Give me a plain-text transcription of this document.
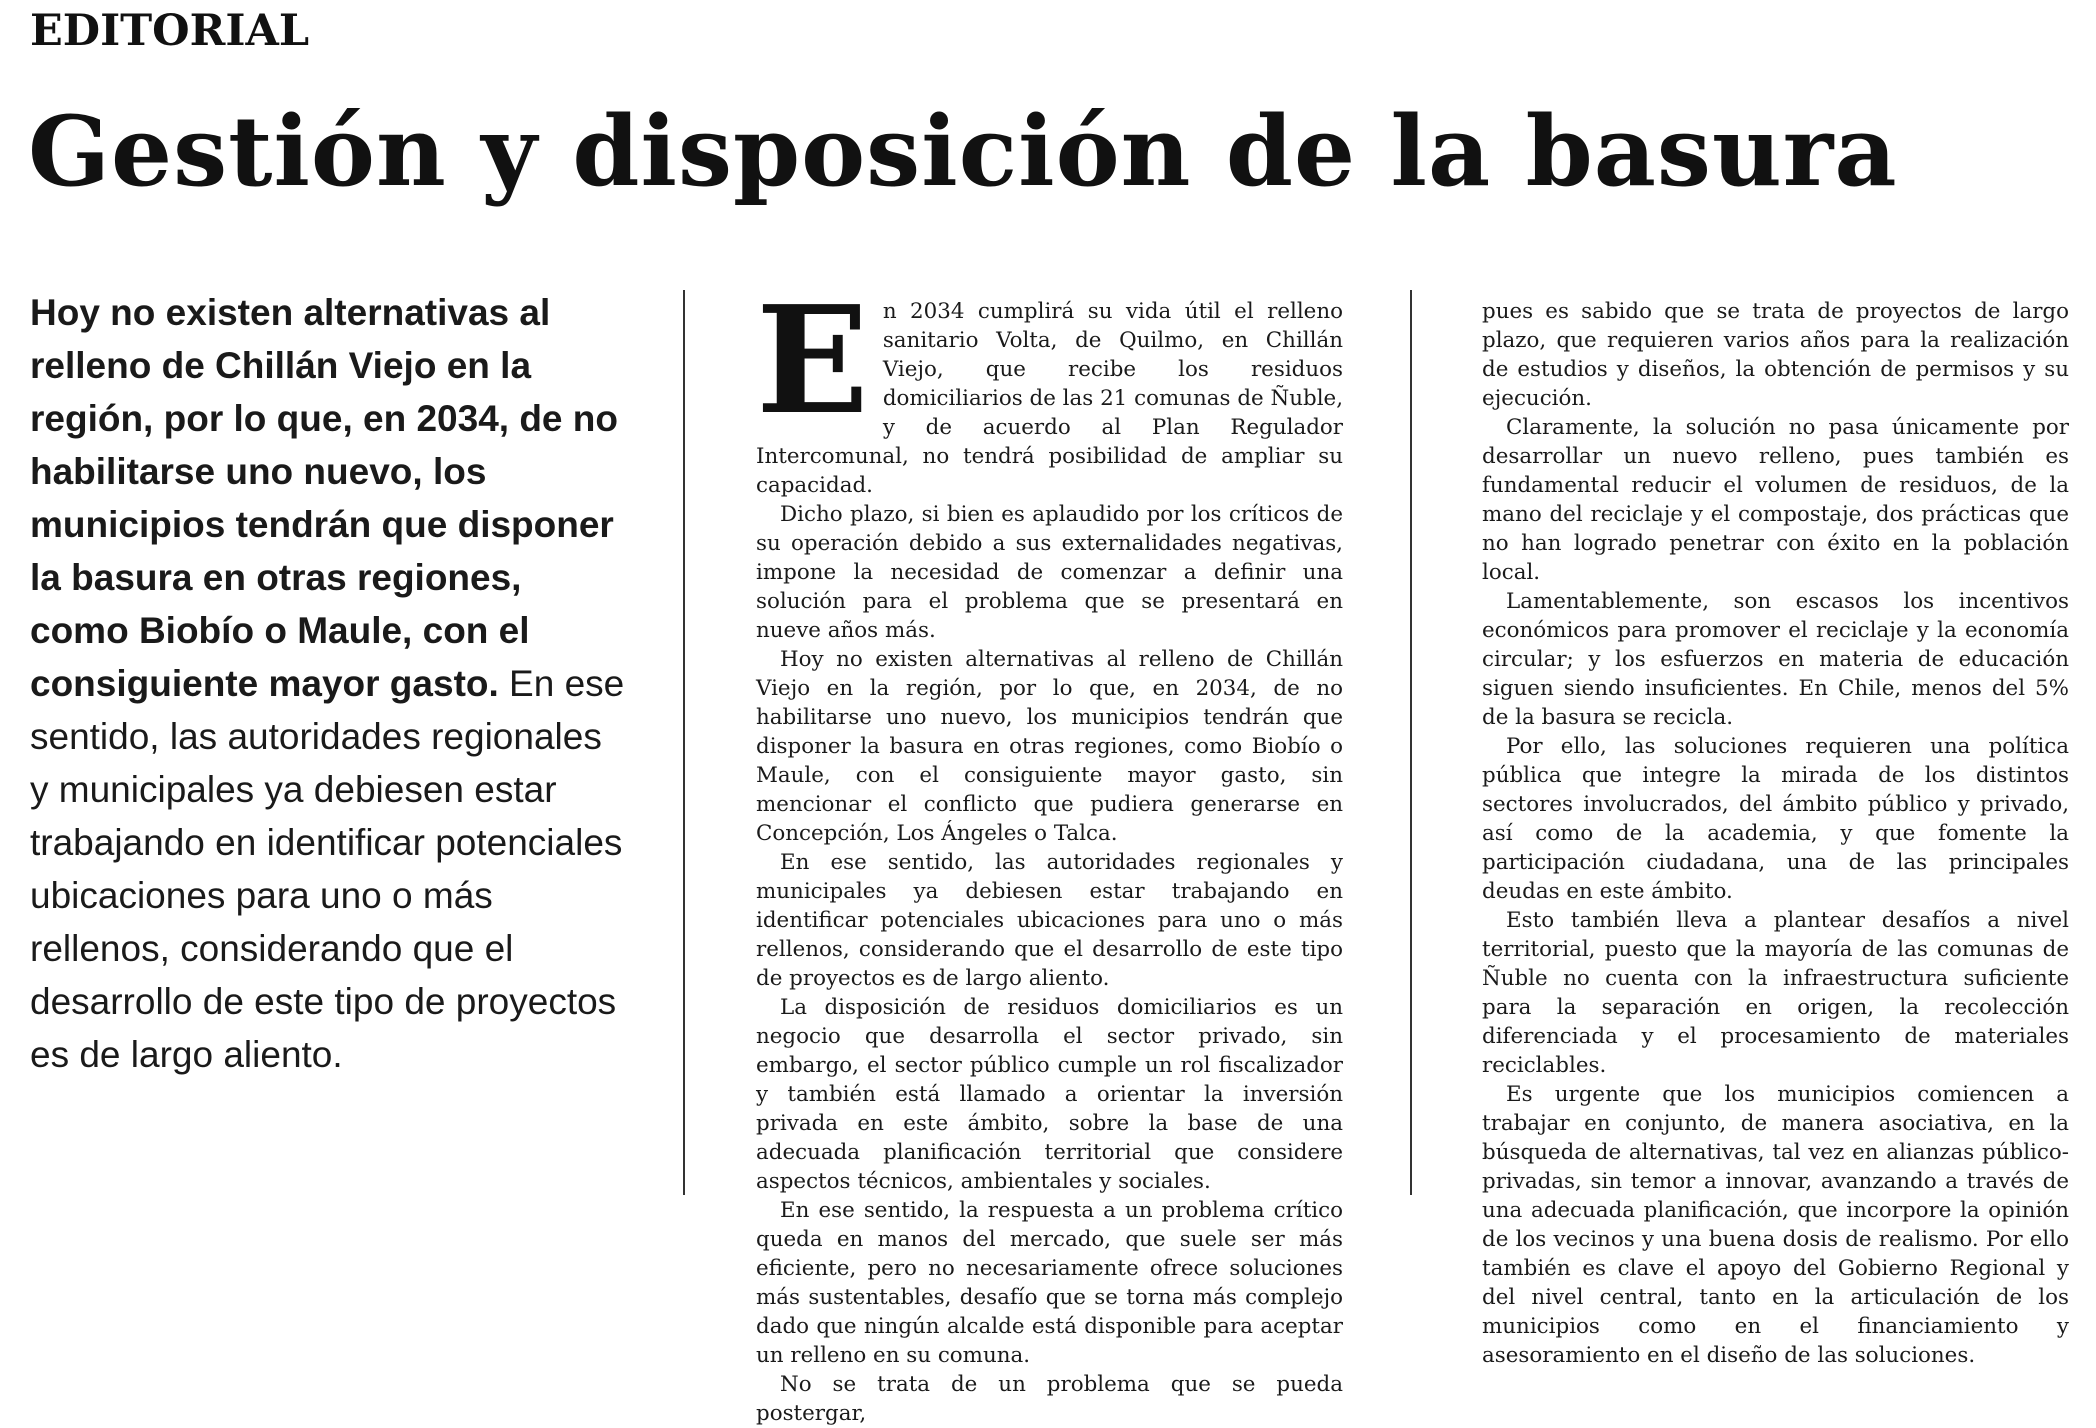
EDITORIAL
Gestión y disposición de la basura

Hoy no existen alternativas al relleno de Chillán Viejo en la región, por lo que, en 2034, de no habilitarse uno nuevo, los municipios tendrán que disponer la basura en otras regiones, como Biobío o Maule, con el consiguiente mayor gasto. En ese sentido, las autoridades regionales y municipales ya debiesen estar trabajando en identificar potenciales ubicaciones para uno o más rellenos, considerando que el desarrollo de este tipo de proyectos es de largo aliento.

E n 2034 cumplirá su vida útil el relleno sanitario Volta, de Quilmo, en Chillán Viejo, que recibe los residuos domiciliarios de las 21 comunas de Ñuble, y de acuerdo al Plan Regulador Intercomunal, no tendrá posibilidad de ampliar su capacidad.

Dicho plazo, si bien es aplaudido por los críticos de su operación debido a sus externalidades negativas, impone la necesidad de comenzar a definir una solución para el problema que se presentará en nueve años más.

Hoy no existen alternativas al relleno de Chillán Viejo en la región, por lo que, en 2034, de no habilitarse uno nuevo, los municipios tendrán que disponer la basura en otras regiones, como Biobío o Maule, con el consiguiente mayor gasto, sin mencionar el conflicto que pudiera generarse en Concepción, Los Ángeles o Talca.

En ese sentido, las autoridades regionales y municipales ya debiesen estar trabajando en identificar potenciales ubicaciones para uno o más rellenos, considerando que el desarrollo de este tipo de proyectos es de largo aliento.

La disposición de residuos domiciliarios es un negocio que desarrolla el sector privado, sin embargo, el sector público cumple un rol fiscalizador y también está llamado a orientar la inversión privada en este ámbito, sobre la base de una adecuada planificación territorial que considere aspectos técnicos, ambientales y sociales.

En ese sentido, la respuesta a un problema crítico queda en manos del mercado, que suele ser más eficiente, pero no necesariamente ofrece soluciones más sustentables, desafío que se torna más complejo dado que ningún alcalde está disponible para aceptar un relleno en su comuna.

No se trata de un problema que se pueda postergar,

pues es sabido que se trata de proyectos de largo plazo, que requieren varios años para la realización de estudios y diseños, la obtención de permisos y su ejecución.

Claramente, la solución no pasa únicamente por desarrollar un nuevo relleno, pues también es fundamental reducir el volumen de residuos, de la mano del reciclaje y el compostaje, dos prácticas que no han logrado penetrar con éxito en la población local.

Lamentablemente, son escasos los incentivos económicos para promover el reciclaje y la economía circular; y los esfuerzos en materia de educación siguen siendo insuficientes. En Chile, menos del 5% de la basura se recicla.

Por ello, las soluciones requieren una política pública que integre la mirada de los distintos sectores involucrados, del ámbito público y privado, así como de la academia, y que fomente la participación ciudadana, una de las principales deudas en este ámbito.

Esto también lleva a plantear desafíos a nivel territorial, puesto que la mayoría de las comunas de Ñuble no cuenta con la infraestructura suficiente para la separación en origen, la recolección diferenciada y el procesamiento de materiales reciclables.

Es urgente que los municipios comiencen a trabajar en conjunto, de manera asociativa, en la búsqueda de alternativas, tal vez en alianzas público-privadas, sin temor a innovar, avanzando a través de una adecuada planificación, que incorpore la opinión de los vecinos y una buena dosis de realismo. Por ello también es clave el apoyo del Gobierno Regional y del nivel central, tanto en la articulación de los municipios como en el financiamiento y asesoramiento en el diseño de las soluciones.
